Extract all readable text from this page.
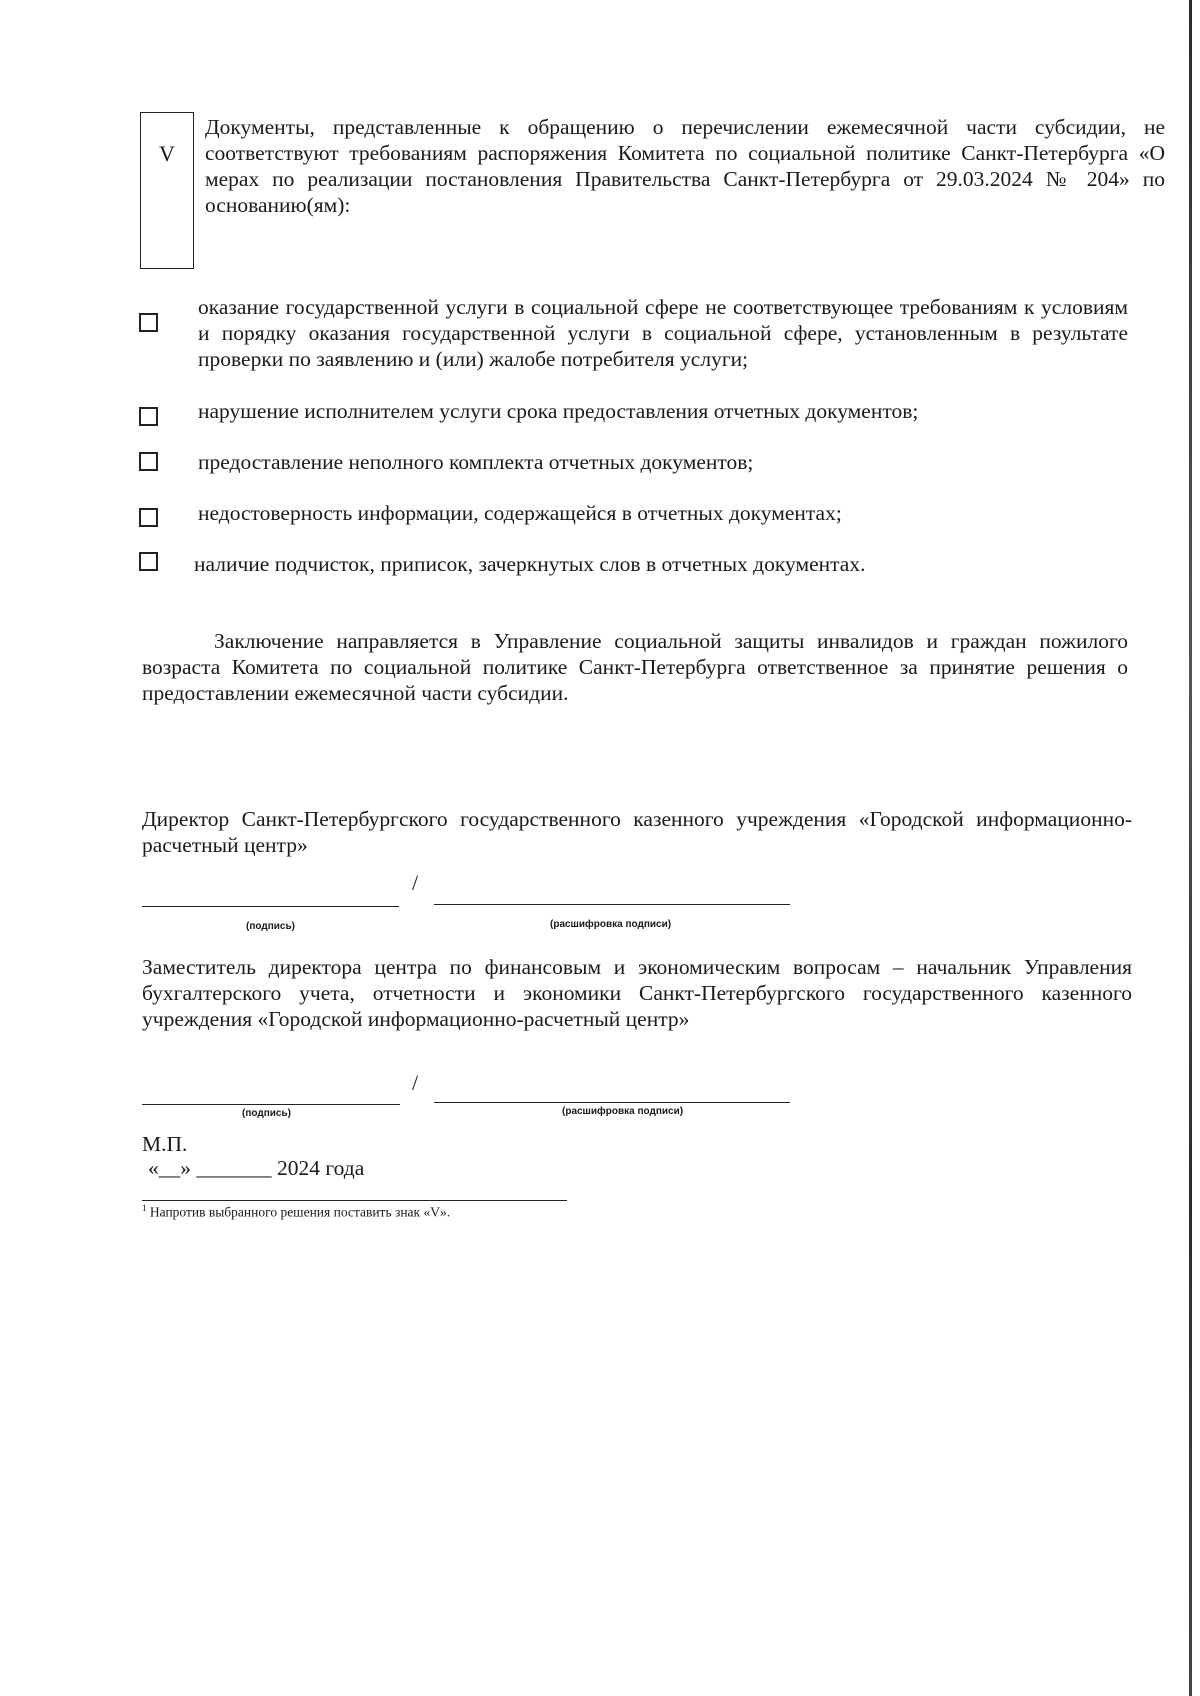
V
Документы, представленные к обращению о перечислении ежемесячной части субсидии, не соответствуют требованиям распоряжения Комитета по социальной политике Санкт-Петербурга «О мерах по реализации постановления Правительства Санкт-Петербурга от 29.03.2024 № 204» по основанию(ям):
оказание государственной услуги в социальной сфере не соответствующее требованиям к условиям и порядку оказания государственной услуги в социальной сфере, установленным в результате проверки по заявлению и (или) жалобе потребителя услуги;
нарушение исполнителем услуги срока предоставления отчетных документов;
предоставление неполного комплекта отчетных документов;
недостоверность информации, содержащейся в отчетных документах;
наличие подчисток, приписок, зачеркнутых слов в отчетных документах.
Заключение направляется в Управление социальной защиты инвалидов и граждан пожилого возраста Комитета по социальной политике Санкт-Петербурга ответственное за принятие решения о предоставлении ежемесячной части субсидии.
Директор Санкт-Петербургского государственного казенного учреждения «Городской информационно-расчетный центр»
/
(подпись)	(расшифровка подписи)
Заместитель директора центра по финансовым и экономическим вопросам – начальник Управления бухгалтерского учета, отчетности и экономики Санкт-Петербургского государственного казенного учреждения «Городской информационно-расчетный центр»
/
(подпись)	(расшифровка подписи)
М.П.
«__» _______ 2024 года
$^1$ Напротив выбранного решения поставить знак «V».
